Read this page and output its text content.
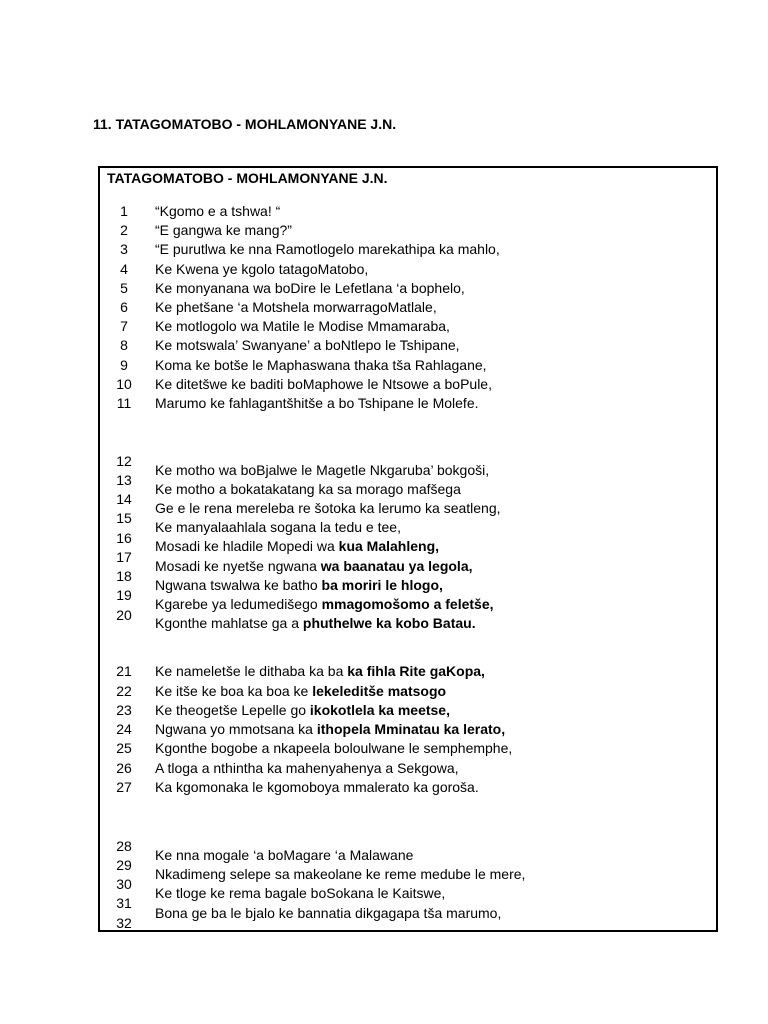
11. TATAGOMATOBO - MOHLAMONYANE J.N.
TATAGOMATOBO - MOHLAMONYANE J.N.
1
2
3
4
5
6
7
8
9
10
11
“Kgomo e a tshwa! “
“E gangwa ke mang?”
“E purutlwa ke nna Ramotlogelo marekathipa ka mahlo,
Ke Kwena ye kgolo tatagoMatobo,
Ke monyanana wa boDire le Lefetlana ‘a bophelo,
Ke phetšane ‘a Motshela morwarragoMatlale,
Ke motlogolo wa Matile le Modise Mmamaraba,
Ke motswala’ Swanyane’ a boNtlepo le Tshipane,
Koma ke botše le Maphaswana thaka tša Rahlagane,
Ke ditetšwe ke baditi boMaphowe le Ntsowe a boPule,
Marumo ke fahlagantšhitše a bo Tshipane le Molefe.
12
13
14
15
16
17
18
19
20
Ke motho wa boBjalwe le Magetle Nkgaruba’ bokgoši,
Ke motho a bokatakatang ka sa morago mafšega
Ge e le rena mereleba re šotoka ka lerumo ka seatleng,
Ke manyalaahlala sogana la tedu e tee,
Mosadi ke hladile Mopedi wa kua Malahleng,
Mosadi ke nyetše ngwana wa baanatau ya legola,
Ngwana tswalwa ke batho ba moriri le hlogo,
Kgarebe ya ledumedišego mmagomošomo a feletše,
Kgonthe mahlatse ga a phuthelwe ka kobo Batau.
21
22
23
24
25
26
27
Ke nameletše le dithaba ka ba ka fihla Rite gaKopa,
Ke itše ke boa ka boa ke lekeleditše matsogo
Ke theogetše Lepelle go ikokotlela ka meetse,
Ngwana yo mmotsana ka ithopela Mminatau ka lerato,
Kgonthe bogobe a nkapeela boloulwane le semphemphe,
A tloga a nthintha ka mahenyahenya a Sekgowa,
Ka kgomonaka le kgomoboya mmalerato ka goroša.
28
29
30
31
32
Ke nna mogale ‘a boMagare ‘a Malawane
Nkadimeng selepe sa makeolane ke reme medube le mere,
Ke tloge ke rema bagale boSokana le Kaitswe,
Bona ge ba le bjalo ke bannatia dikgagapa tša marumo,
